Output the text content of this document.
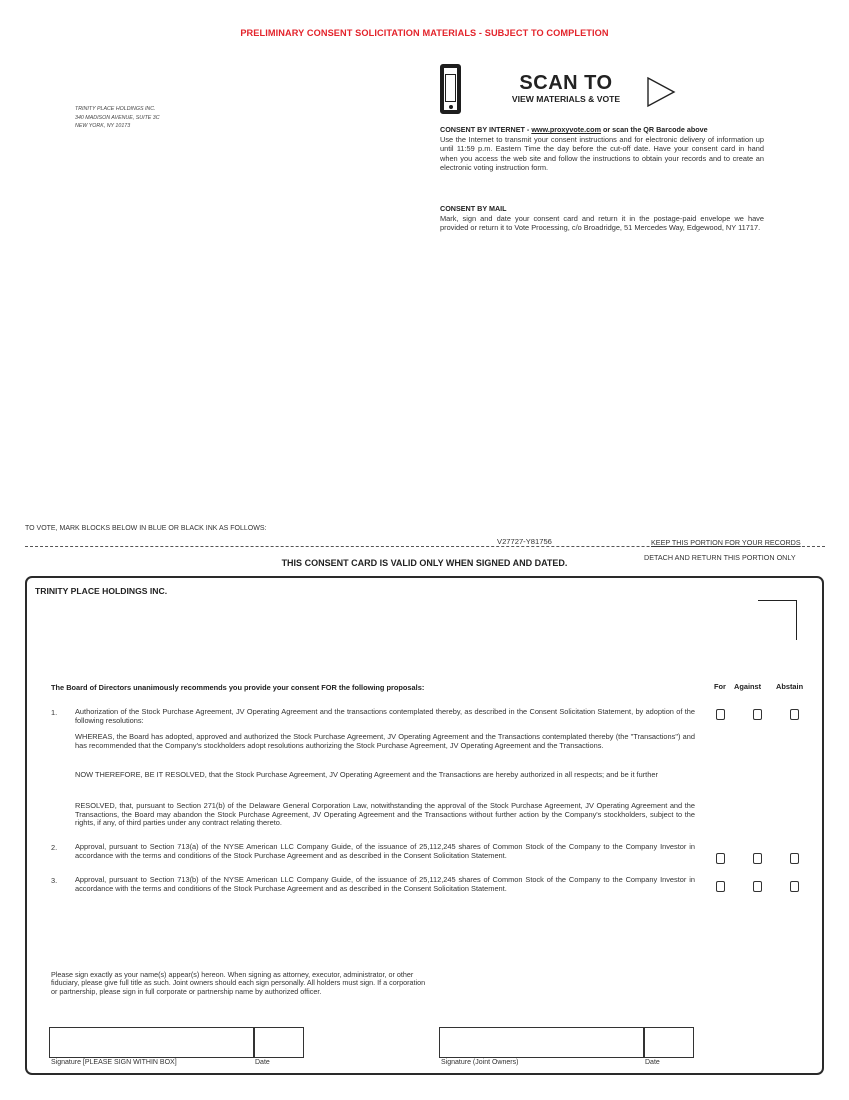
PRELIMINARY CONSENT SOLICITATION MATERIALS - SUBJECT TO COMPLETION
TRINITY PLACE HOLDINGS INC.
340 MADISON AVENUE, SUITE 3C
NEW YORK, NY 10173
SCAN TO
VIEW MATERIALS & VOTE
CONSENT BY INTERNET - www.proxyvote.com or scan the QR Barcode above
Use the Internet to transmit your consent instructions and for electronic delivery of information up until 11:59 p.m. Eastern Time the day before the cut-off date. Have your consent card in hand when you access the web site and follow the instructions to obtain your records and to create an electronic voting instruction form.
CONSENT BY MAIL
Mark, sign and date your consent card and return it in the postage-paid envelope we have provided or return it to Vote Processing, c/o Broadridge, 51 Mercedes Way, Edgewood, NY 11717.
TO VOTE, MARK BLOCKS BELOW IN BLUE OR BLACK INK AS FOLLOWS:
V27727-Y81756	KEEP THIS PORTION FOR YOUR RECORDS
THIS CONSENT CARD IS VALID ONLY WHEN SIGNED AND DATED.
DETACH AND RETURN THIS PORTION ONLY
TRINITY PLACE HOLDINGS INC.
The Board of Directors unanimously recommends you provide your consent FOR the following proposals:	For Against Abstain
1. Authorization of the Stock Purchase Agreement, JV Operating Agreement and the transactions contemplated thereby, as described in the Consent Solicitation Statement, by adoption of the following resolutions:
WHEREAS, the Board has adopted, approved and authorized the Stock Purchase Agreement, JV Operating Agreement and the Transactions contemplated thereby (the "Transactions") and has recommended that the Company's stockholders adopt resolutions authorizing the Stock Purchase Agreement, JV Operating Agreement and the Transactions.
NOW THEREFORE, BE IT RESOLVED, that the Stock Purchase Agreement, JV Operating Agreement and the Transactions are hereby authorized in all respects; and be it further
RESOLVED, that, pursuant to Section 271(b) of the Delaware General Corporation Law, notwithstanding the approval of the Stock Purchase Agreement, JV Operating Agreement and the Transactions, the Board may abandon the Stock Purchase Agreement, JV Operating Agreement and the Transactions without further action by the Company's stockholders, subject to the rights, if any, of third parties under any contract relating thereto.
2. Approval, pursuant to Section 713(a) of the NYSE American LLC Company Guide, of the issuance of 25,112,245 shares of Common Stock of the Company to the Company Investor in accordance with the terms and conditions of the Stock Purchase Agreement and as described in the Consent Solicitation Statement.
3. Approval, pursuant to Section 713(b) of the NYSE American LLC Company Guide, of the issuance of 25,112,245 shares of Common Stock of the Company to the Company Investor in accordance with the terms and conditions of the Stock Purchase Agreement and as described in the Consent Solicitation Statement.
Please sign exactly as your name(s) appear(s) hereon. When signing as attorney, executor, administrator, or other fiduciary, please give full title as such. Joint owners should each sign personally. All holders must sign. If a corporation or partnership, please sign in full corporate or partnership name by authorized officer.
Signature [PLEASE SIGN WITHIN BOX]	Date	Signature (Joint Owners)	Date
